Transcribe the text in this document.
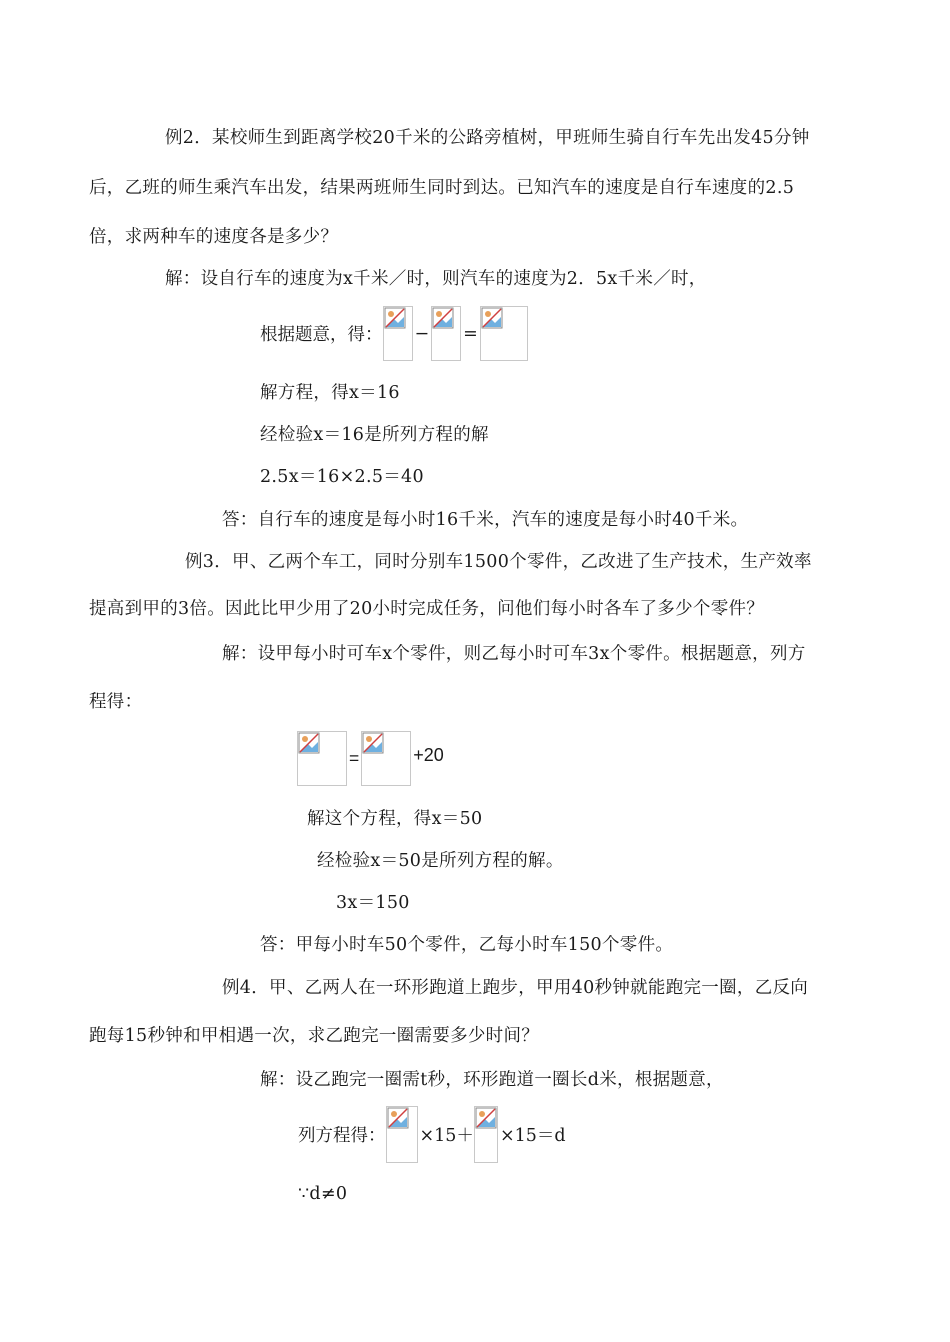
例2．某校师生到距离学校20千米的公路旁植树，甲班师生骑自行车先出发45分钟
后，乙班的师生乘汽车出发，结果两班师生同时到达。已知汽车的速度是自行车速度的2.5
倍，求两种车的速度各是多少？
解：设自行车的速度为x千米／时，则汽车的速度为2．5x千米／时，
根据题意，得： − =
解方程，得x＝16
经检验x＝16是所列方程的解
2.5x＝16×2.5＝40
答：自行车的速度是每小时16千米，汽车的速度是每小时40千米。
例3．甲、乙两个车工，同时分别车1500个零件，乙改进了生产技术，生产效率
提高到甲的3倍。因此比甲少用了20小时完成任务，问他们每小时各车了多少个零件？
解：设甲每小时可车x个零件，则乙每小时可车3x个零件。根据题意，列方
程得：
=	+20
解这个方程，得x＝50
经检验x＝50是所列方程的解。
3x＝150
答：甲每小时车50个零件，乙每小时车150个零件。
例4．甲、乙两人在一环形跑道上跑步，甲用40秒钟就能跑完一圈，乙反向
跑每15秒钟和甲相遇一次，求乙跑完一圈需要多少时间？
解：设乙跑完一圈需t秒，环形跑道一圈长d米，根据题意，
列方程得： ×15＋ ×15＝d
∵d≠0
